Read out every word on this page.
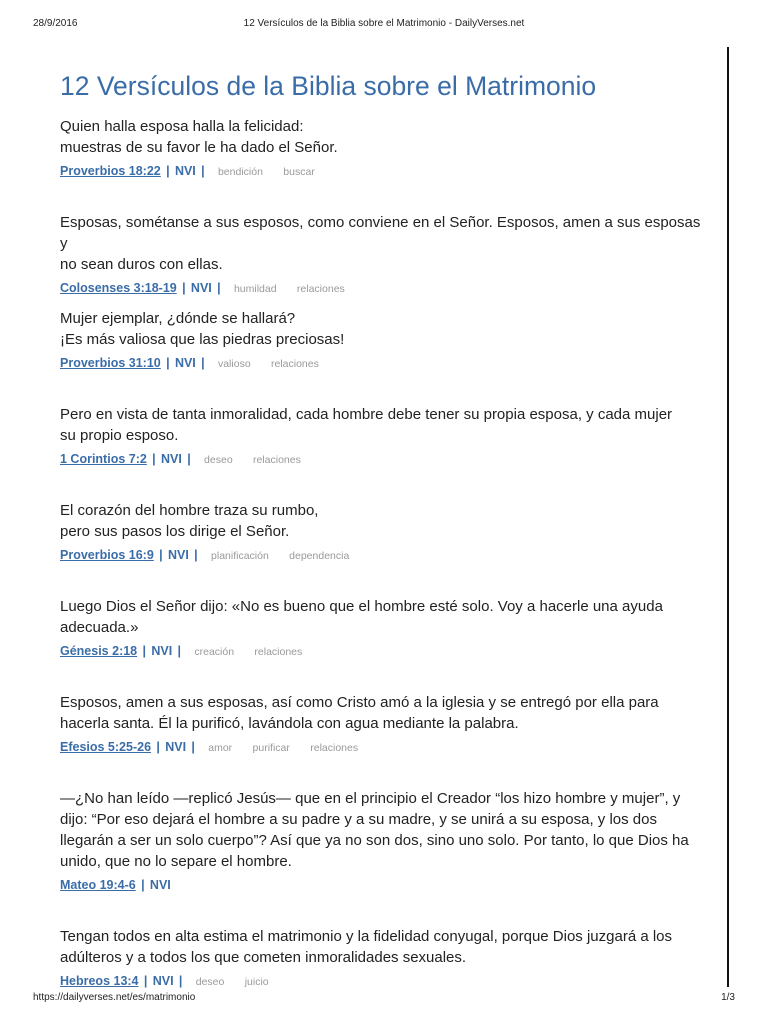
28/9/2016	12 Versículos de la Biblia sobre el Matrimonio - DailyVerses.net
12 Versículos de la Biblia sobre el Matrimonio

Quien halla esposa halla la felicidad:
muestras de su favor le ha dado el Señor.

Proverbios 18:22 | NVI | bendición buscar

Esposas, sométanse a sus esposos, como conviene en el Señor. Esposos, amen a sus esposas y
no sean duros con ellas.

Colosenses 3:18-19 | NVI | humildad relaciones

Mujer ejemplar, ¿dónde se hallará?
¡Es más valiosa que las piedras preciosas!

Proverbios 31:10 | NVI | valioso relaciones

Pero en vista de tanta inmoralidad, cada hombre debe tener su propia esposa, y cada mujer
su propio esposo.

1 Corintios 7:2 | NVI | deseo relaciones

El corazón del hombre traza su rumbo,
pero sus pasos los dirige el Señor.

Proverbios 16:9 | NVI | planificación dependencia

Luego Dios el Señor dijo: «No es bueno que el hombre esté solo. Voy a hacerle una ayuda
adecuada.»

Génesis 2:18 | NVI | creación relaciones

Esposos, amen a sus esposas, así como Cristo amó a la iglesia y se entregó por ella para
hacerla santa. Él la purificó, lavándola con agua mediante la palabra.

Efesios 5:25-26 | NVI | amor purificar relaciones

—¿No han leído —replicó Jesús— que en el principio el Creador “los hizo hombre y mujer”, y
dijo: “Por eso dejará el hombre a su padre y a su madre, y se unirá a su esposa, y los dos
llegarán a ser un solo cuerpo”? Así que ya no son dos, sino uno solo. Por tanto, lo que Dios ha
unido, que no lo separe el hombre.

Mateo 19:4-6 | NVI

Tengan todos en alta estima el matrimonio y la fidelidad conyugal, porque Dios juzgará a los
adúlteros y a todos los que cometen inmoralidades sexuales.

Hebreos 13:4 | NVI | deseo juicio
https://dailyverses.net/es/matrimonio	1/3
